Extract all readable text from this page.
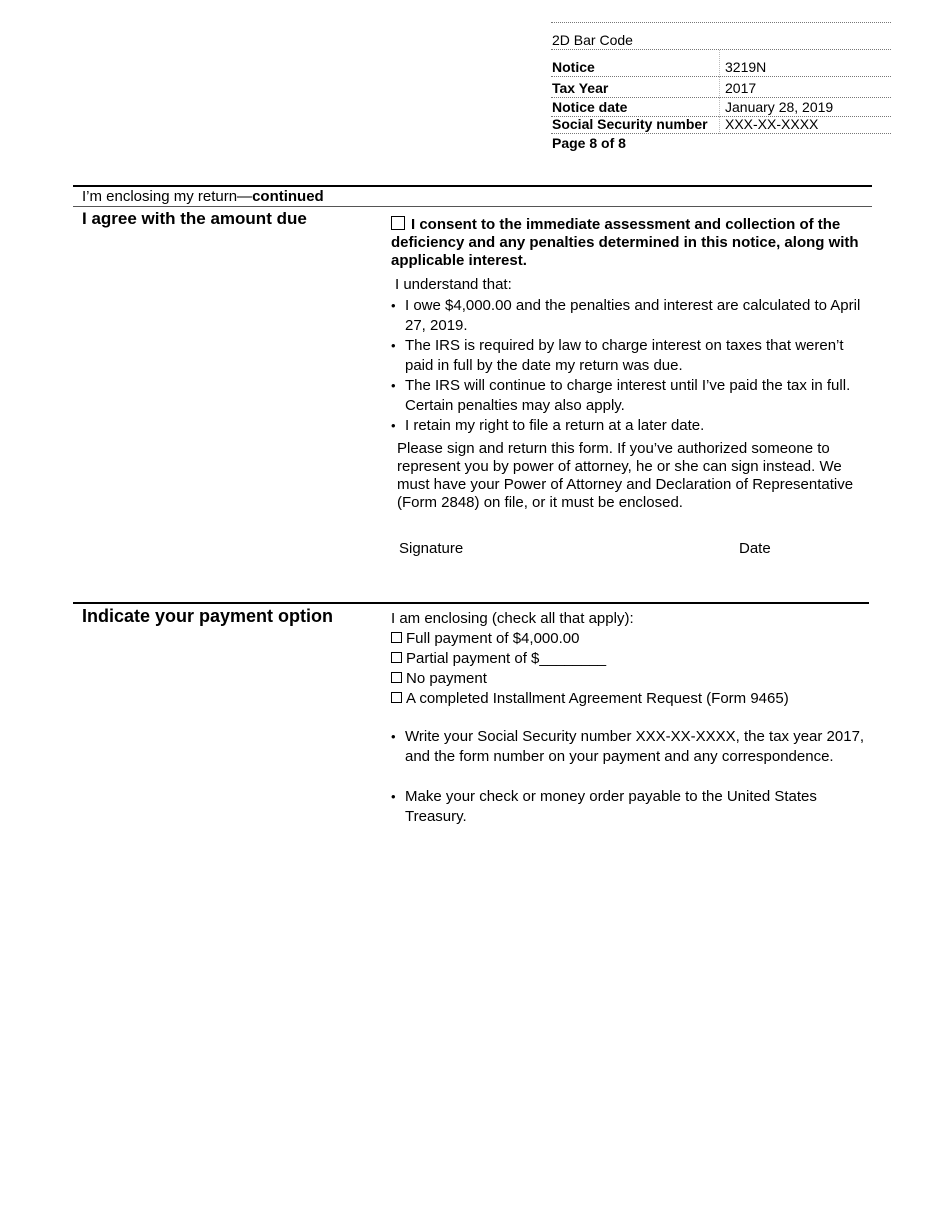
2D Bar Code
Notice	3219N
Tax Year	2017
Notice date	January 28, 2019
Social Security number XXX-XX-XXXX
Page 8 of 8
I’m enclosing my return—continued
I agree with the amount due	I consent to the immediate assessment and collection of the deficiency and any penalties determined in this notice, along with applicable interest.
I understand that:
• I owe $4,000.00 and the penalties and interest are calculated to April 27, 2019.
• The IRS is required by law to charge interest on taxes that weren’t paid in full by the date my return was due.
• The IRS will continue to charge interest until I’ve paid the tax in full. Certain penalties may also apply.
• I retain my right to file a return at a later date.
Please sign and return this form. If you’ve authorized someone to represent you by power of attorney, he or she can sign instead. We must have your Power of Attorney and Declaration of Representative (Form 2848) on file, or it must be enclosed.
Signature	Date
Indicate your payment option	I am enclosing (check all that apply):
Full payment of $4,000.00
Partial payment of $________
No payment
A completed Installment Agreement Request (Form 9465)
• Write your Social Security number XXX-XX-XXXX, the tax year 2017, and the form number on your payment and any correspondence.
• Make your check or money order payable to the United States Treasury.
